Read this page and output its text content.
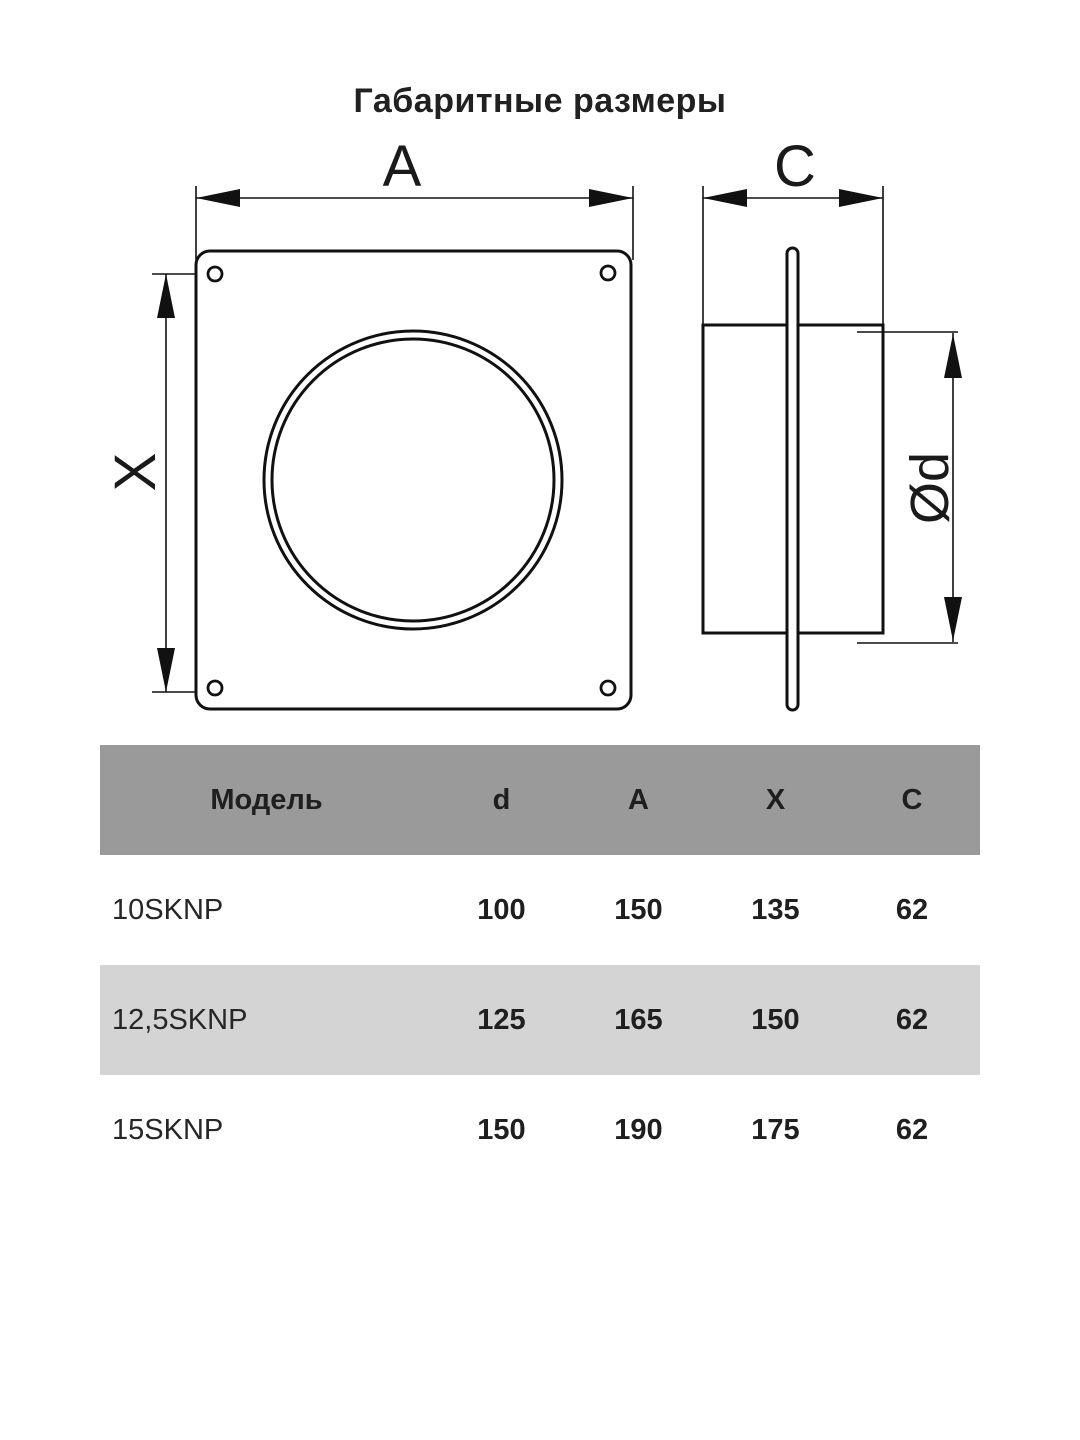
Габаритные размеры
A
X
C
Ød
Модель	d	A	X	C
10SKNP	100	150	135	62
12,5SKNP	125	165	150	62
15SKNP	150	190	175	62
